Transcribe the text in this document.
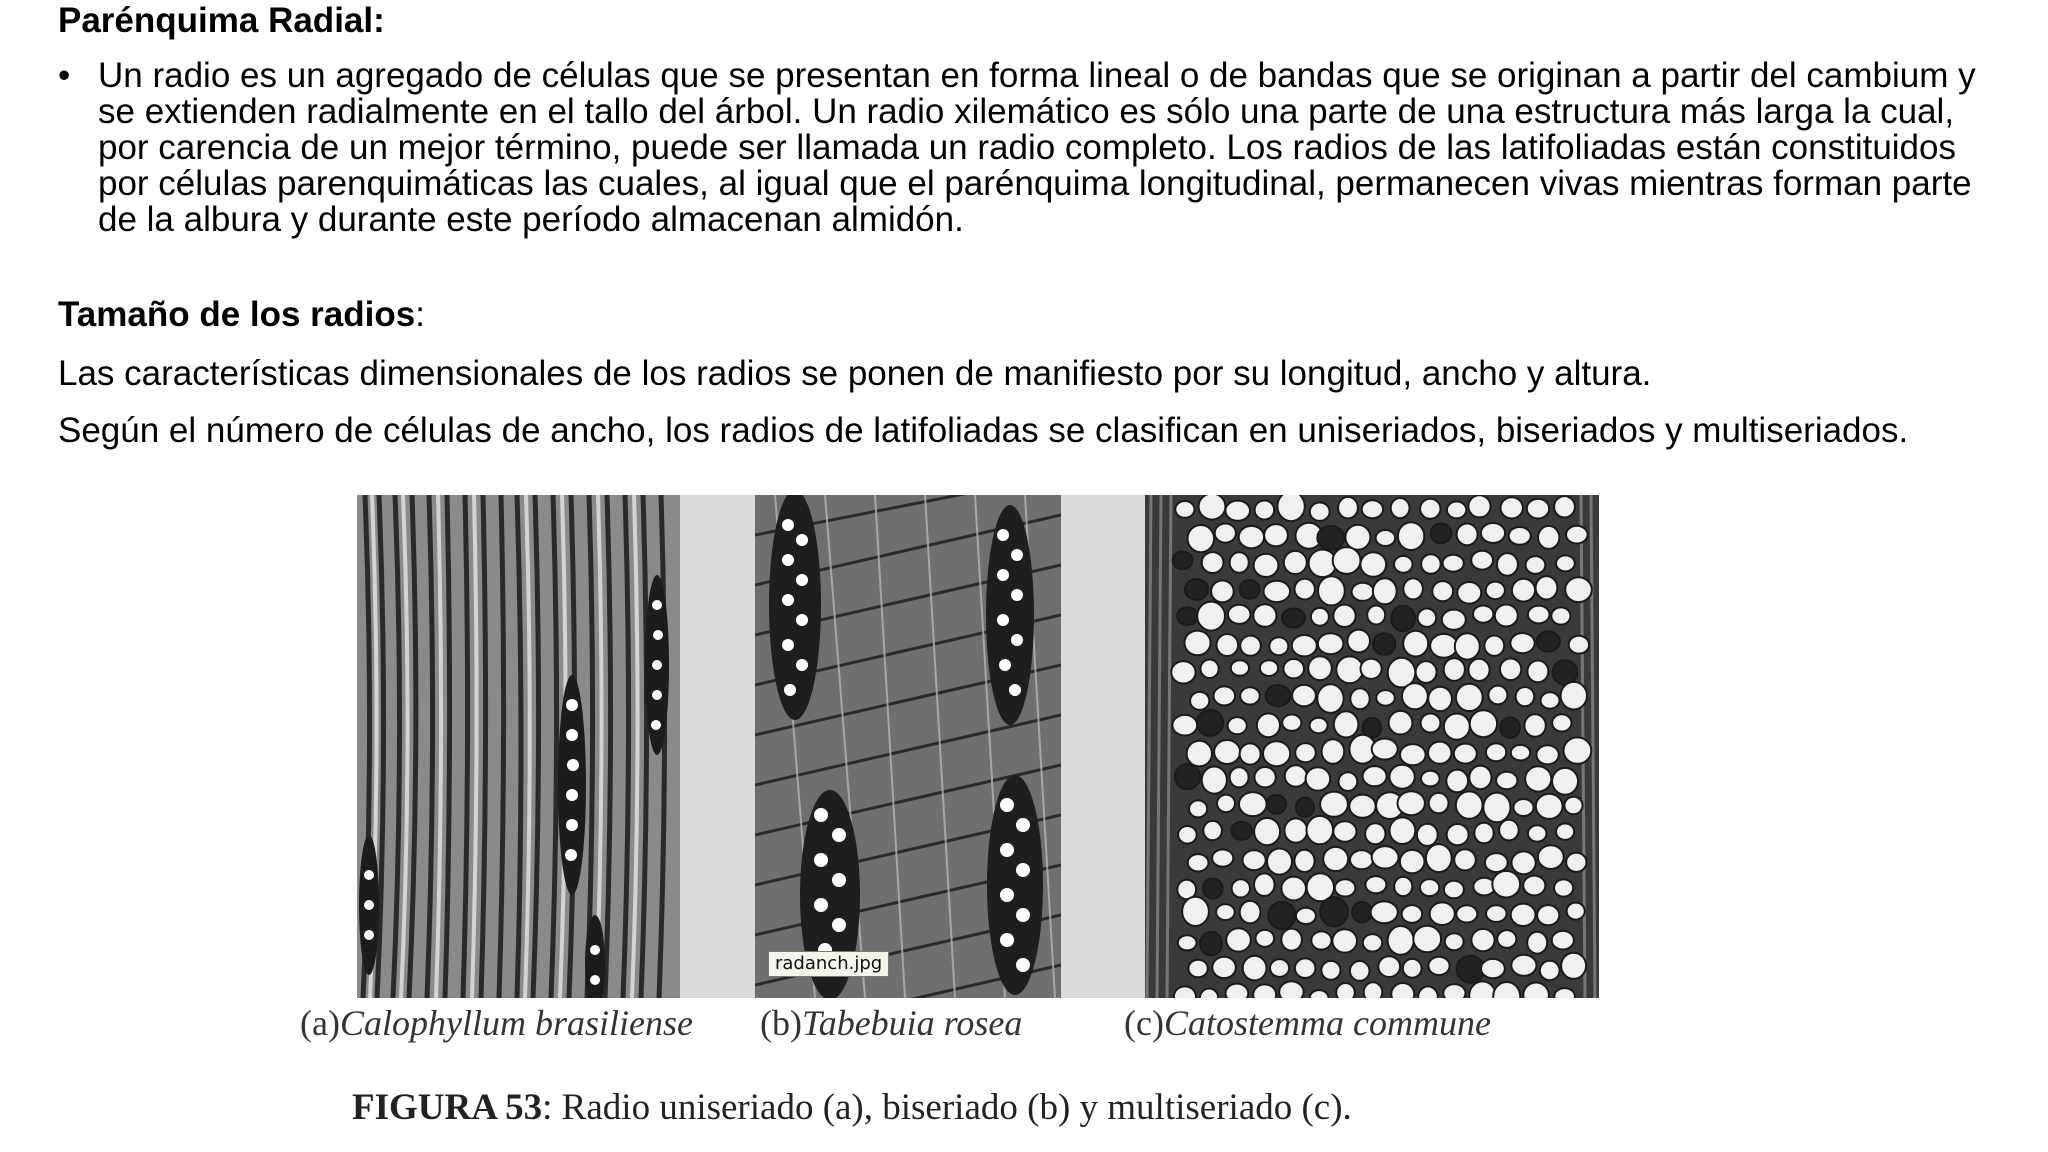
Parénquima Radial:
• Un radio es un agregado de células que se presentan en forma lineal o de bandas que se originan a partir del cambium y se extienden radialmente en el tallo del árbol. Un radio xilemático es sólo una parte de una estructura más larga la cual, por carencia de un mejor término, puede ser llamada un radio completo. Los radios de las latifoliadas están constituidos por células parenquimáticas las cuales, al igual que el parénquima longitudinal, permanecen vivas mientras forman parte de la albura y durante este período almacenan almidón.
Tamaño de los radios:
Las características dimensionales de los radios se ponen de manifiesto por su longitud, ancho y altura.
Según el número de células de ancho, los radios de latifoliadas se clasifican en uniseriados, biseriados y multiseriados.
radanch.jpg
(a)Calophyllum brasiliense (b)Tabebuia rosea	(c)Catostemma commune
FIGURA 53: Radio uniseriado (a), biseriado (b) y multiseriado (c).
